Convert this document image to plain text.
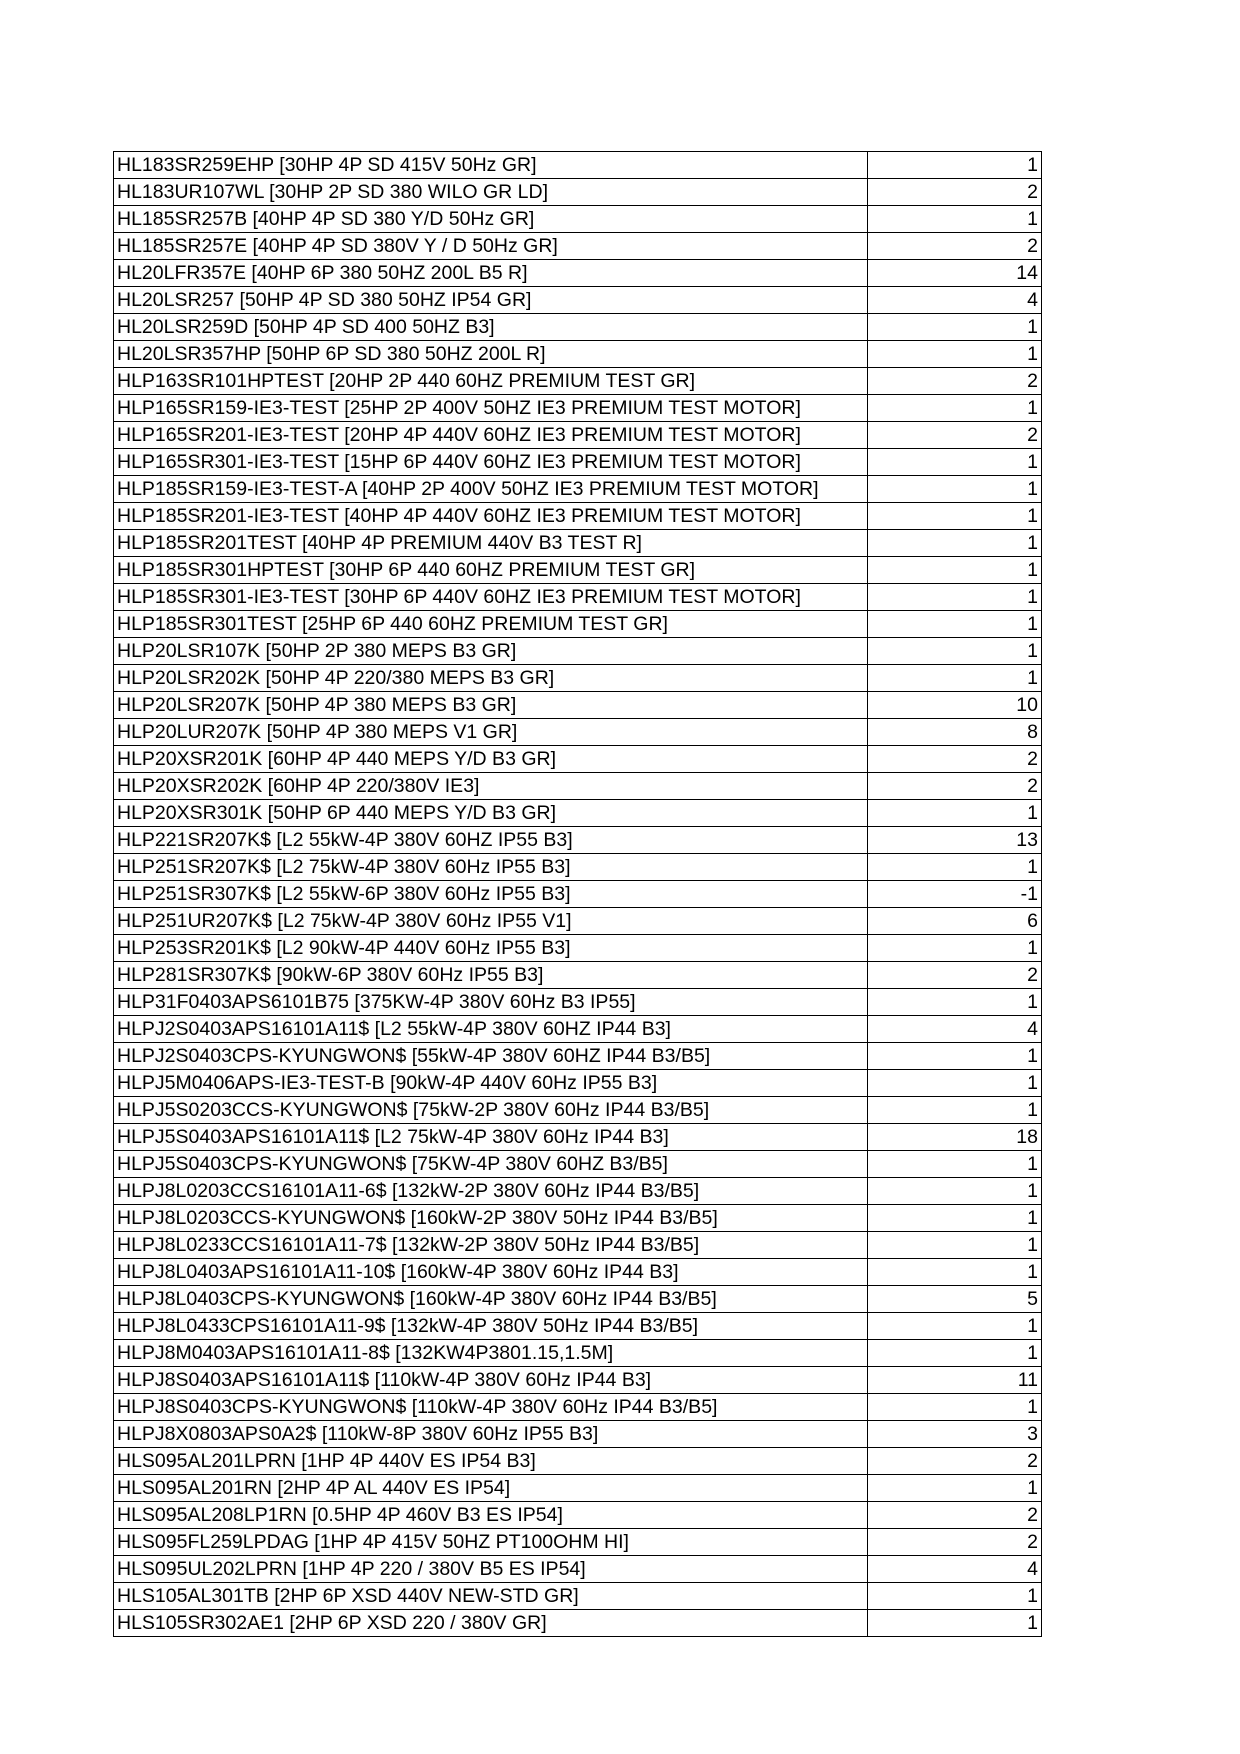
HL183SR259EHP [30HP 4P SD 415V 50Hz GR]	1
HL183UR107WL [30HP 2P SD 380 WILO GR LD]	2
HL185SR257B [40HP 4P SD 380 Y/D 50Hz GR]	1
HL185SR257E [40HP 4P SD 380V Y / D 50Hz GR]	2
HL20LFR357E [40HP 6P 380 50HZ 200L B5 R]	14
HL20LSR257 [50HP 4P SD 380 50HZ IP54 GR]	4
HL20LSR259D [50HP 4P SD 400 50HZ B3]	1
HL20LSR357HP [50HP 6P SD 380 50HZ 200L R]	1
HLP163SR101HPTEST [20HP 2P 440 60HZ PREMIUM TEST GR]	2
HLP165SR159-IE3-TEST [25HP 2P 400V 50HZ IE3 PREMIUM TEST MOTOR]	1
HLP165SR201-IE3-TEST [20HP 4P 440V 60HZ IE3 PREMIUM TEST MOTOR]	2
HLP165SR301-IE3-TEST [15HP 6P 440V 60HZ IE3 PREMIUM TEST MOTOR]	1
HLP185SR159-IE3-TEST-A [40HP 2P 400V 50HZ IE3 PREMIUM TEST MOTOR]	1
HLP185SR201-IE3-TEST [40HP 4P 440V 60HZ IE3 PREMIUM TEST MOTOR]	1
HLP185SR201TEST [40HP 4P PREMIUM 440V B3 TEST R]	1
HLP185SR301HPTEST [30HP 6P 440 60HZ PREMIUM TEST GR]	1
HLP185SR301-IE3-TEST [30HP 6P 440V 60HZ IE3 PREMIUM TEST MOTOR]	1
HLP185SR301TEST [25HP 6P 440 60HZ PREMIUM TEST GR]	1
HLP20LSR107K [50HP 2P 380 MEPS B3 GR]	1
HLP20LSR202K [50HP 4P 220/380 MEPS B3 GR]	1
HLP20LSR207K [50HP 4P 380 MEPS B3 GR]	10
HLP20LUR207K [50HP 4P 380 MEPS V1 GR]	8
HLP20XSR201K [60HP 4P 440 MEPS Y/D B3 GR]	2
HLP20XSR202K [60HP 4P 220/380V IE3]	2
HLP20XSR301K [50HP 6P 440 MEPS Y/D B3 GR]	1
HLP221SR207K$ [L2 55kW-4P 380V 60HZ IP55 B3]	13
HLP251SR207K$ [L2 75kW-4P 380V 60Hz IP55 B3]	1
HLP251SR307K$ [L2 55kW-6P 380V 60Hz IP55 B3]	-1
HLP251UR207K$ [L2 75kW-4P 380V 60Hz IP55 V1]	6
HLP253SR201K$ [L2 90kW-4P 440V 60Hz IP55 B3]	1
HLP281SR307K$ [90kW-6P 380V 60Hz IP55 B3]	2
HLP31F0403APS6101B75 [375KW-4P 380V 60Hz B3 IP55]	1
HLPJ2S0403APS16101A11$ [L2 55kW-4P 380V 60HZ IP44 B3]	4
HLPJ2S0403CPS-KYUNGWON$ [55kW-4P 380V 60HZ IP44 B3/B5]	1
HLPJ5M0406APS-IE3-TEST-B [90kW-4P 440V 60Hz IP55 B3]	1
HLPJ5S0203CCS-KYUNGWON$ [75kW-2P 380V 60Hz IP44 B3/B5]	1
HLPJ5S0403APS16101A11$ [L2 75kW-4P 380V 60Hz IP44 B3]	18
HLPJ5S0403CPS-KYUNGWON$ [75KW-4P 380V 60HZ B3/B5]	1
HLPJ8L0203CCS16101A11-6$ [132kW-2P 380V 60Hz IP44 B3/B5]	1
HLPJ8L0203CCS-KYUNGWON$ [160kW-2P 380V 50Hz IP44 B3/B5]	1
HLPJ8L0233CCS16101A11-7$ [132kW-2P 380V 50Hz IP44 B3/B5]	1
HLPJ8L0403APS16101A11-10$ [160kW-4P 380V 60Hz IP44 B3]	1
HLPJ8L0403CPS-KYUNGWON$ [160kW-4P 380V 60Hz IP44 B3/B5]	5
HLPJ8L0433CPS16101A11-9$ [132kW-4P 380V 50Hz IP44 B3/B5]	1
HLPJ8M0403APS16101A11-8$ [132KW4P3801.15,1.5M]	1
HLPJ8S0403APS16101A11$ [110kW-4P 380V 60Hz IP44 B3]	11
HLPJ8S0403CPS-KYUNGWON$ [110kW-4P 380V 60Hz IP44 B3/B5]	1
HLPJ8X0803APS0A2$ [110kW-8P 380V 60Hz IP55 B3]	3
HLS095AL201LPRN [1HP 4P 440V ES IP54 B3]	2
HLS095AL201RN [2HP 4P AL 440V ES IP54]	1
HLS095AL208LP1RN [0.5HP 4P 460V B3 ES IP54]	2
HLS095FL259LPDAG [1HP 4P 415V 50HZ PT100OHM HI]	2
HLS095UL202LPRN [1HP 4P 220 / 380V B5 ES IP54]	4
HLS105AL301TB [2HP 6P XSD 440V NEW-STD GR]	1
HLS105SR302AE1 [2HP 6P XSD 220 / 380V GR]	1
